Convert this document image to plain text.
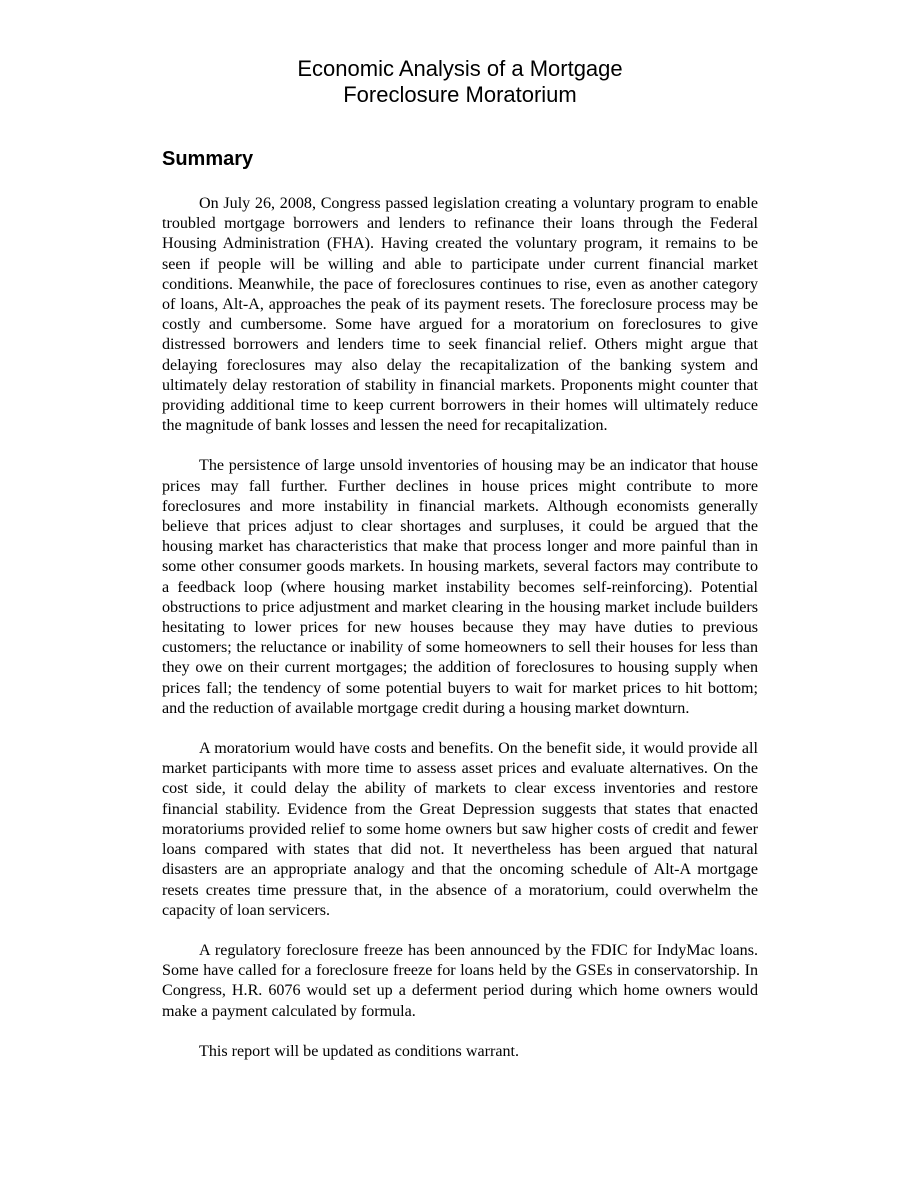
Economic Analysis of a Mortgage
Foreclosure Moratorium
Summary

On July 26, 2008, Congress passed legislation creating a voluntary program to enable troubled mortgage borrowers and lenders to refinance their loans through the Federal Housing Administration (FHA). Having created the voluntary program, it remains to be seen if people will be willing and able to participate under current financial market conditions. Meanwhile, the pace of foreclosures continues to rise, even as another category of loans, Alt-A, approaches the peak of its payment resets. The foreclosure process may be costly and cumbersome. Some have argued for a moratorium on foreclosures to give distressed borrowers and lenders time to seek financial relief. Others might argue that delaying foreclosures may also delay the recapitalization of the banking system and ultimately delay restoration of stability in financial markets. Proponents might counter that providing additional time to keep current borrowers in their homes will ultimately reduce the magnitude of bank losses and lessen the need for recapitalization.

The persistence of large unsold inventories of housing may be an indicator that house prices may fall further. Further declines in house prices might contribute to more foreclosures and more instability in financial markets. Although economists generally believe that prices adjust to clear shortages and surpluses, it could be argued that the housing market has characteristics that make that process longer and more painful than in some other consumer goods markets. In housing markets, several factors may contribute to a feedback loop (where housing market instability becomes self-reinforcing). Potential obstructions to price adjustment and market clearing in the housing market include builders hesitating to lower prices for new houses because they may have duties to previous customers; the reluctance or inability of some homeowners to sell their houses for less than they owe on their current mortgages; the addition of foreclosures to housing supply when prices fall; the tendency of some potential buyers to wait for market prices to hit bottom; and the reduction of available mortgage credit during a housing market downturn.

A moratorium would have costs and benefits. On the benefit side, it would provide all market participants with more time to assess asset prices and evaluate alternatives. On the cost side, it could delay the ability of markets to clear excess inventories and restore financial stability. Evidence from the Great Depression suggests that states that enacted moratoriums provided relief to some home owners but saw higher costs of credit and fewer loans compared with states that did not. It nevertheless has been argued that natural disasters are an appropriate analogy and that the oncoming schedule of Alt-A mortgage resets creates time pressure that, in the absence of a moratorium, could overwhelm the capacity of loan servicers.

A regulatory foreclosure freeze has been announced by the FDIC for IndyMac loans. Some have called for a foreclosure freeze for loans held by the GSEs in conservatorship. In Congress, H.R. 6076 would set up a deferment period during which home owners would make a payment calculated by formula.

This report will be updated as conditions warrant.
